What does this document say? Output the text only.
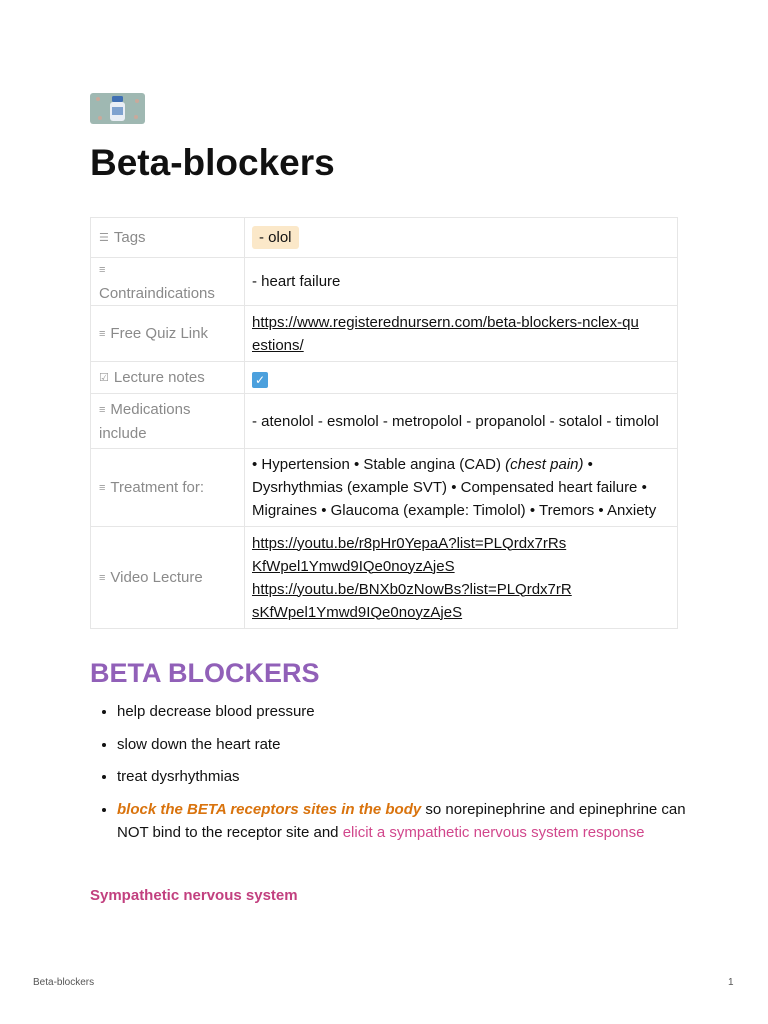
Beta-blockers
☰ Tags	- olol
≡
Contraindications	- heart failure
≡ Free Quiz Link	https://www.registerednursern.com/beta-blockers-nclex-questions/

☑ Lecture notes	✓
≡ Medications include	- atenolol - esmolol - metropolol - propanolol - sotalol - timolol
≡ Treatment for:	• Hypertension • Stable angina (CAD) (chest pain) • Dysrhythmias (example SVT) • Compensated heart failure • Migraines • Glaucoma (example: Timolol) • Tremors • Anxiety
≡ Video Lecture	https://youtu.be/r8pHr0YepaA?list=PLQrdx7rRsKfWpel1Ymwd9IQe0noyzAjeS
https://youtu.be/BNXb0zNowBs?list=PLQrdx7rRsKfWpel1Ymwd9IQe0noyzAjeS
BETA BLOCKERS
• help decrease blood pressure
• slow down the heart rate
• treat dysrhythmias
• block the BETA receptors sites in the body so norepinephrine and epinephrine can NOT bind to the receptor site and elicit a sympathetic nervous system response
Sympathetic nervous system
Beta-blockers	1
